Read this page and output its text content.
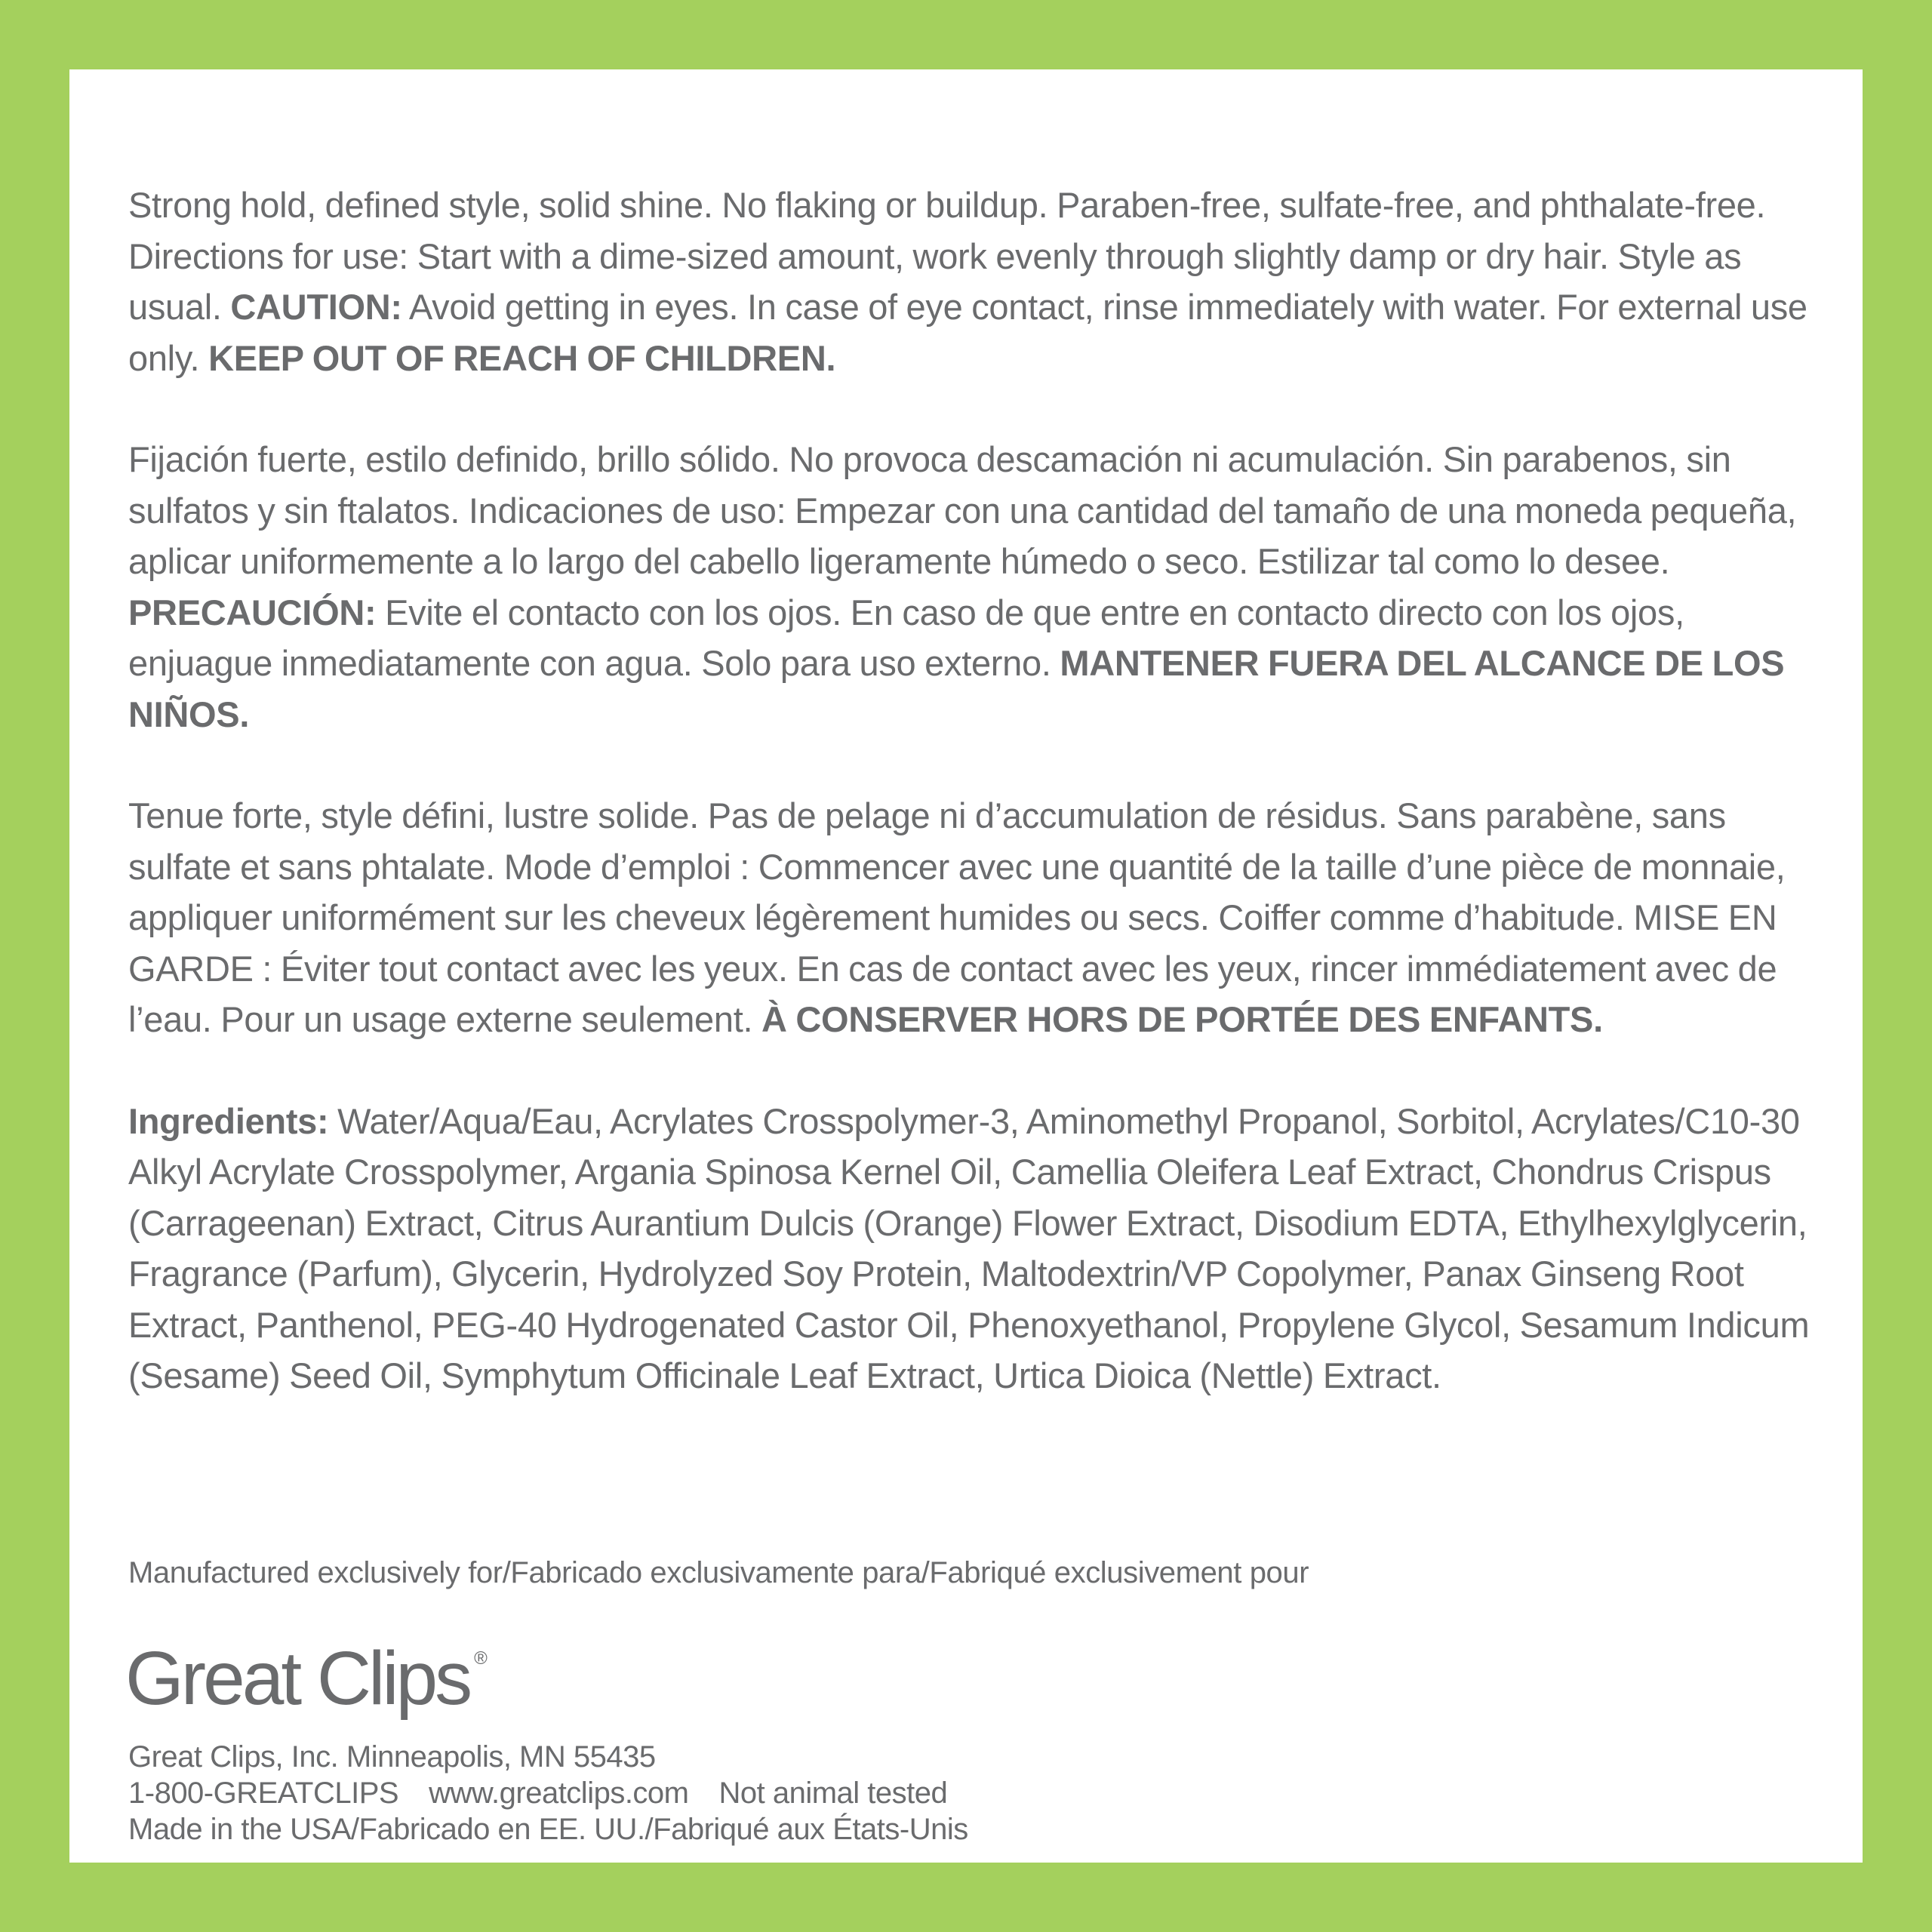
Strong hold, defined style, solid shine. No flaking or buildup. Paraben-free, sulfate-free, and phthalate-free. Directions for use: Start with a dime-sized amount, work evenly through slightly damp or dry hair. Style as usual. CAUTION: Avoid getting in eyes. In case of eye contact, rinse immediately with water. For external use only. KEEP OUT OF REACH OF CHILDREN.

Fijación fuerte, estilo definido, brillo sólido. No provoca descamación ni acumulación. Sin parabenos, sin sulfatos y sin ftalatos. Indicaciones de uso: Empezar con una cantidad del tamaño de una moneda pequeña, aplicar uniformemente a lo largo del cabello ligeramente húmedo o seco. Estilizar tal como lo desee.
PRECAUCIÓN: Evite el contacto con los ojos. En caso de que entre en contacto directo con los ojos, enjuague inmediatamente con agua. Solo para uso externo. MANTENER FUERA DEL ALCANCE DE LOS NIÑOS.

Tenue forte, style défini, lustre solide. Pas de pelage ni d’accumulation de résidus. Sans parabène, sans sulfate et sans phtalate. Mode d’emploi : Commencer avec une quantité de la taille d’une pièce de monnaie, appliquer uniformément sur les cheveux légèrement humides ou secs. Coiffer comme d’habitude. MISE EN GARDE : Éviter tout contact avec les yeux. En cas de contact avec les yeux, rincer immédiatement avec de l’eau. Pour un usage externe seulement. À CONSERVER HORS DE PORTÉE DES ENFANTS.

Ingredients: Water/Aqua/Eau, Acrylates Crosspolymer-3, Aminomethyl Propanol, Sorbitol, Acrylates/C10-30 Alkyl Acrylate Crosspolymer, Argania Spinosa Kernel Oil, Camellia Oleifera Leaf Extract, Chondrus Crispus (Carrageenan) Extract, Citrus Aurantium Dulcis (Orange) Flower Extract, Disodium EDTA, Ethylhexylglycerin, Fragrance (Parfum), Glycerin, Hydrolyzed Soy Protein, Maltodextrin/VP Copolymer, Panax Ginseng Root Extract, Panthenol, PEG-40 Hydrogenated Castor Oil, Phenoxyethanol, Propylene Glycol, Sesamum Indicum (Sesame) Seed Oil, Symphytum Officinale Leaf Extract, Urtica Dioica (Nettle) Extract.

Manufactured exclusively for/Fabricado exclusivamente para/Fabriqué exclusivement pour
Great Clips ®
Great Clips, Inc. Minneapolis, MN 55435
1-800-GREATCLIPS www.greatclips.com Not animal tested
Made in the USA/Fabricado en EE. UU./Fabriqué aux États-Unis
